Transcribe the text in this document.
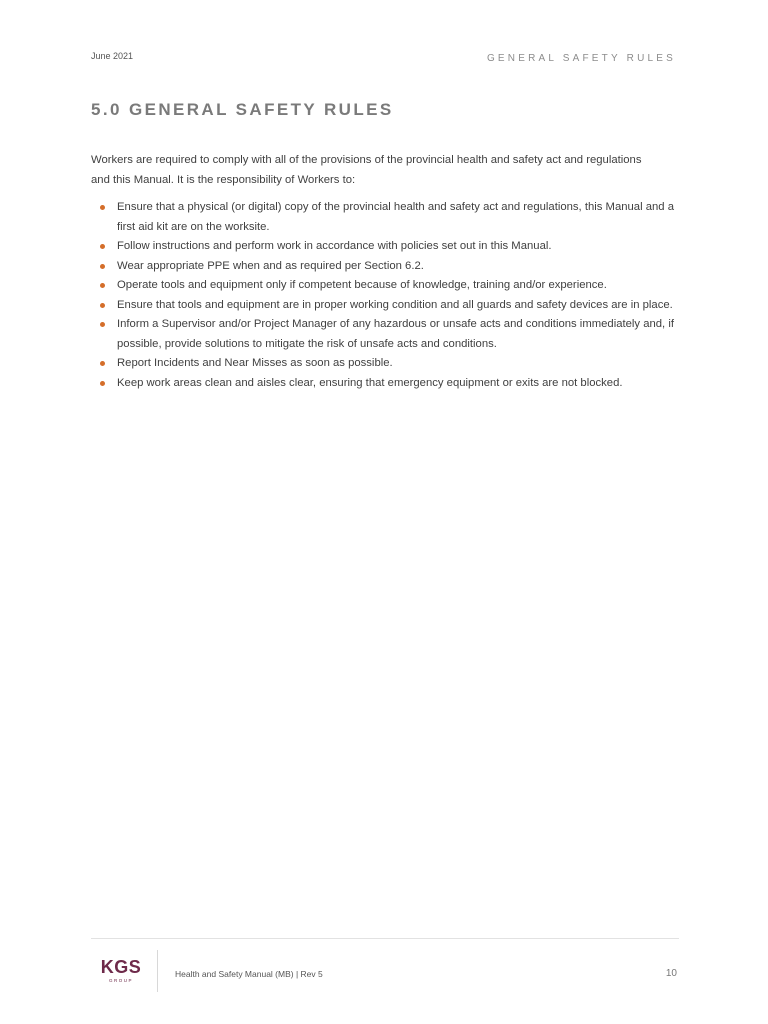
June 2021	GENERAL SAFETY RULES
5.0 GENERAL SAFETY RULES

Workers are required to comply with all of the provisions of the provincial health and safety act and regulations and this Manual. It is the responsibility of Workers to:

Ensure that a physical (or digital) copy of the provincial health and safety act and regulations, this Manual and a first aid kit are on the worksite.
Follow instructions and perform work in accordance with policies set out in this Manual.
Wear appropriate PPE when and as required per Section 6.2.
Operate tools and equipment only if competent because of knowledge, training and/or experience.
Ensure that tools and equipment are in proper working condition and all guards and safety devices are in place.
Inform a Supervisor and/or Project Manager of any hazardous or unsafe acts and conditions immediately and, if possible, provide solutions to mitigate the risk of unsafe acts and conditions.
Report Incidents and Near Misses as soon as possible.
Keep work areas clean and aisles clear, ensuring that emergency equipment or exits are not blocked.
KGS
GROUP
Health and Safety Manual (MB) | Rev 5	10
